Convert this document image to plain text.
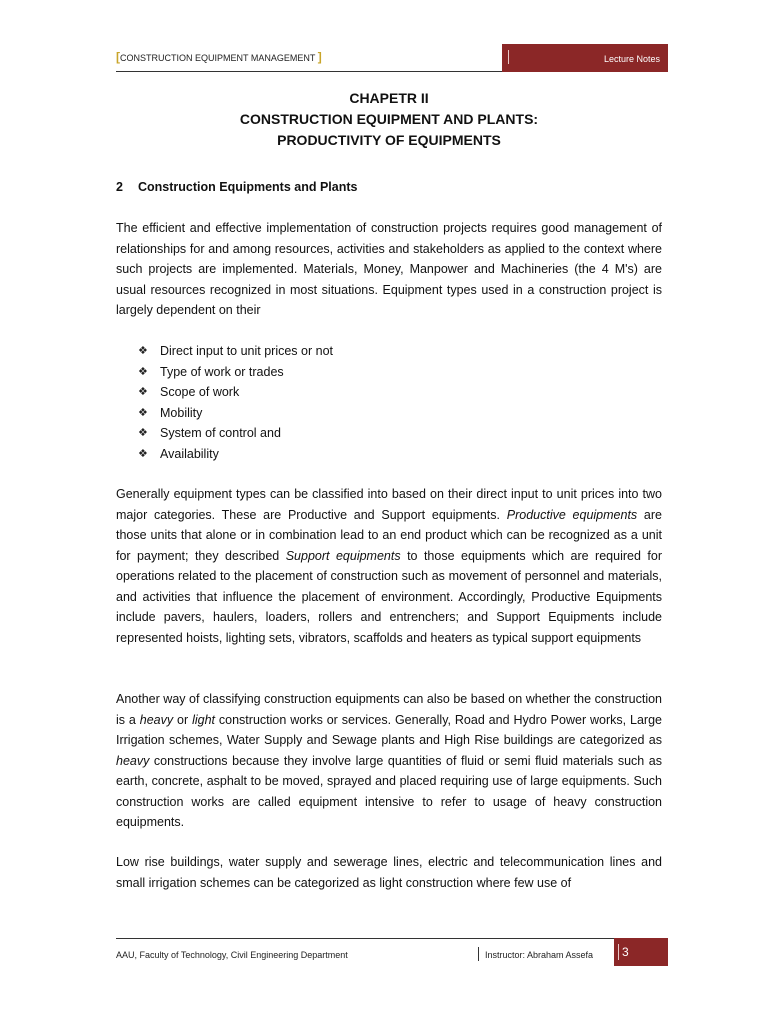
[CONSTRUCTION EQUIPMENT MANAGEMENT ]	Lecture Notes
CHAPETR II
CONSTRUCTION EQUIPMENT AND PLANTS:
PRODUCTIVITY OF EQUIPMENTS
2 Construction Equipments and Plants
The efficient and effective implementation of construction projects requires good management of relationships for and among resources, activities and stakeholders as applied to the context where such projects are implemented. Materials, Money, Manpower and Machineries (the 4 M's) are usual resources recognized in most situations. Equipment types used in a construction project is largely dependent on their
❖ Direct input to unit prices or not
❖ Type of work or trades
❖ Scope of work
❖ Mobility
❖ System of control and
❖ Availability
Generally equipment types can be classified into based on their direct input to unit prices into two major categories. These are Productive and Support equipments. Productive equipments are those units that alone or in combination lead to an end product which can be recognized as a unit for payment; they described Support equipments to those equipments which are required for operations related to the placement of construction such as movement of personnel and materials, and activities that influence the placement of environment. Accordingly, Productive Equipments include pavers, haulers, loaders, rollers and entrenchers; and Support Equipments include represented hoists, lighting sets, vibrators, scaffolds and heaters as typical support equipments
Another way of classifying construction equipments can also be based on whether the construction is a heavy or light construction works or services. Generally, Road and Hydro Power works, Large Irrigation schemes, Water Supply and Sewage plants and High Rise buildings are categorized as heavy constructions because they involve large quantities of fluid or semi fluid materials such as earth, concrete, asphalt to be moved, sprayed and placed requiring use of large equipments. Such construction works are called equipment intensive to refer to usage of heavy construction equipments.
Low rise buildings, water supply and sewerage lines, electric and telecommunication lines and small irrigation schemes can be categorized as light construction where few use of
AAU, Faculty of Technology, Civil Engineering Department	Instructor: Abraham Assefa 3
